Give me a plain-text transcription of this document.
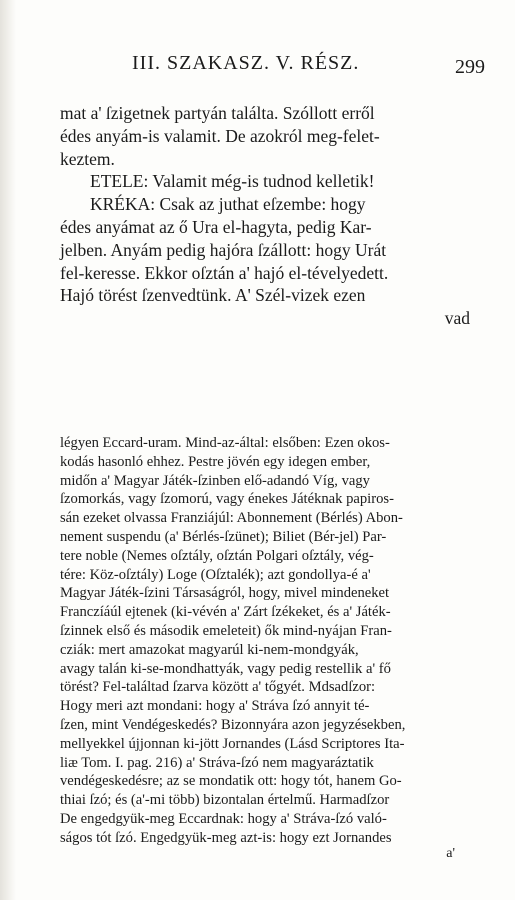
III. SZAKASZ. V. RÉSZ.	299
mat a' ſzigetnek partyán találta. Szóllott erről
édes anyám-is valamit. De azokról meg-felet-
keztem.
ETELE: Valamit még-is tudnod kelletik!
KRÉKA: Csak az juthat eſzembe: hogy
édes anyámat az ő Ura el-hagyta, pedig Kar-
jelben. Anyám pedig hajóra ſzállott: hogy Urát
fel-keresse. Ekkor oſztán a' hajó el-tévelyedett.
Hajó törést ſzenvedtünk. A' Szél-vizek ezen
vad
légyen Eccard-uram. Mind-az-által: elsőben: Ezen okos-
kodás hasonló ehhez. Pestre jövén egy idegen ember,
midőn a' Magyar Játék-ſzinben elő-adandó Víg, vagy
ſzomorkás, vagy ſzomorú, vagy énekes Játéknak papiros-
sán ezeket olvassa Franziájúl: Abonnement (Bérlés) Abon-
nement suspendu (a' Bérlés-ſzünet); Biliet (Bér-jel) Par-
tere noble (Nemes oſztály, oſztán Polgari oſztály, vég-
tére: Köz-oſztály) Loge (Oſztalék); azt gondollya-é a'
Magyar Játék-ſzini Társaságról, hogy, mivel mindeneket
Franczíáúl ejtenek (ki-vévén a' Zárt ſzékeket, és a' Játék-
ſzinnek első és második emeleteit) ők mind-nyájan Fran-
cziák: mert amazokat magyarúl ki-nem-mondgyák,
avagy talán ki-se-mondhattyák, vagy pedig restellik a' fő
törést? Fel-találtad ſzarva között a' tőgyét. Mdsadſzor:
Hogy meri azt mondani: hogy a' Stráva ſzó annyit té-
ſzen, mint Vendégeskedés? Bizonnyára azon jegyzésekben,
mellyekkel újjonnan ki-jött Jornandes (Lásd Scriptores Ita-
liæ Tom. I. pag. 216) a' Stráva-ſzó nem magyaráztatik
vendégeskedésre; az se mondatik ott: hogy tót, hanem Go-
thiai ſzó; és (a'-mi több) bizontalan értelmű. Harmadſzor
De engedgyük-meg Eccardnak: hogy a' Stráva-ſzó való-
ságos tót ſzó. Engedgyük-meg azt-is: hogy ezt Jornandes
a'
